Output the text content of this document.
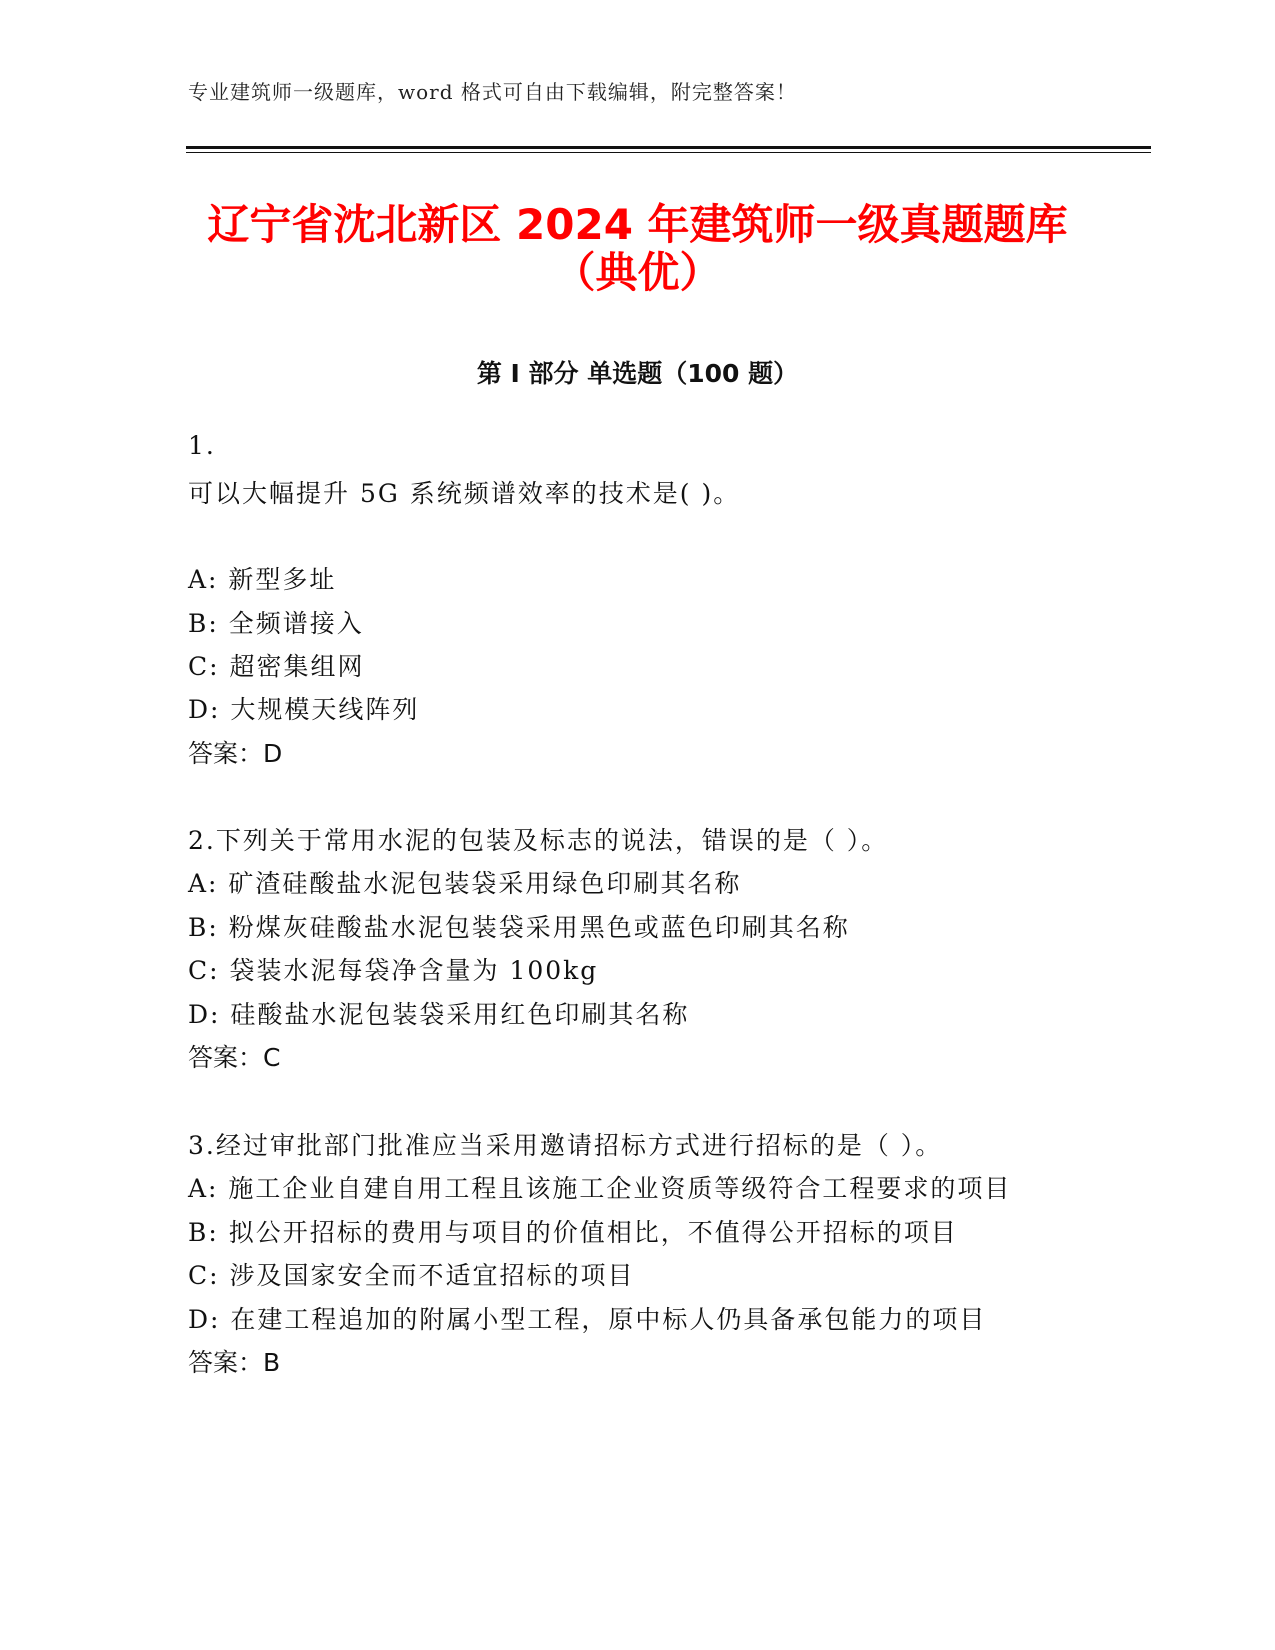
专业建筑师一级题库，word 格式可自由下载编辑，附完整答案！
辽宁省沈北新区 2024 年建筑师一级真题题库
（典优）
第 I 部分 单选题（100 题）
1.
可以大幅提升 5G 系统频谱效率的技术是( )。
A: 新型多址
B: 全频谱接入
C: 超密集组网
D: 大规模天线阵列
答案：D
2.下列关于常用水泥的包装及标志的说法，错误的是（ ）。
A: 矿渣硅酸盐水泥包装袋采用绿色印刷其名称
B: 粉煤灰硅酸盐水泥包装袋采用黑色或蓝色印刷其名称
C: 袋装水泥每袋净含量为 100kg
D: 硅酸盐水泥包装袋采用红色印刷其名称
答案：C
3.经过审批部门批准应当采用邀请招标方式进行招标的是（ ）。
A: 施工企业自建自用工程且该施工企业资质等级符合工程要求的项目
B: 拟公开招标的费用与项目的价值相比，不值得公开招标的项目
C: 涉及国家安全而不适宜招标的项目
D: 在建工程追加的附属小型工程，原中标人仍具备承包能力的项目
答案：B
